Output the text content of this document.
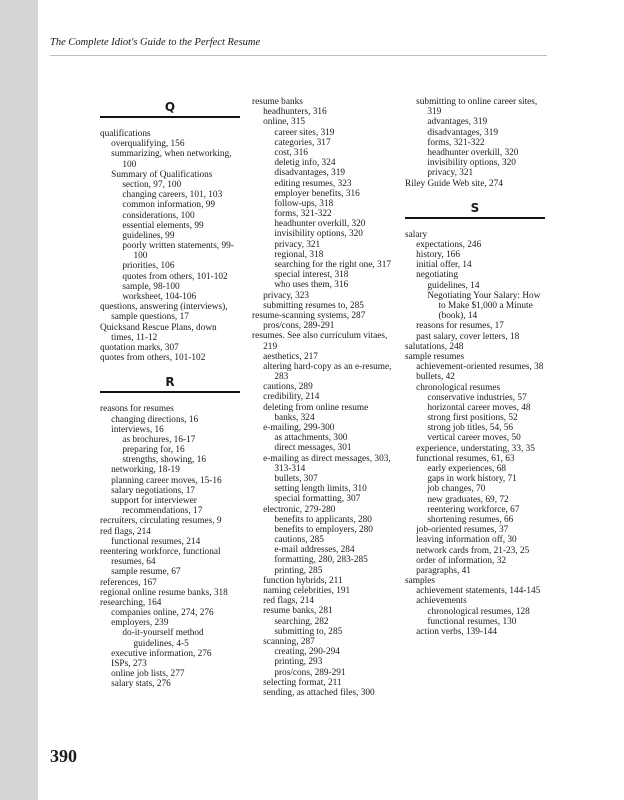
The Complete Idiot's Guide to the Perfect Resume
Q
qualifications
overqualifying, 156
summarizing, when networking, 100
Summary of Qualifications section, 97, 100
changing careers, 101, 103
common information, 99
considerations, 100
essential elements, 99
guidelines, 99
poorly written statements, 99-100
priorities, 106
quotes from others, 101-102
sample, 98-100
worksheet, 104-106
questions, answering (interviews), sample questions, 17
Quicksand Rescue Plans, down times, 11-12
quotation marks, 307
quotes from others, 101-102
R
reasons for resumes
changing directions, 16
interviews, 16
as brochures, 16-17
preparing for, 16
strengths, showing, 16
networking, 18-19
planning career moves, 15-16
salary negotiations, 17
support for interviewer recommendations, 17
recruiters, circulating resumes, 9
red flags, 214
functional resumes, 214
reentering workforce, functional resumes, 64
sample resume, 67
references, 167
regional online resume banks, 318
researching, 164
companies online, 274, 276
employers, 239
do-it-yourself method guidelines, 4-5
executive information, 276
ISPs, 273
online job lists, 277
salary stats, 276
resume banks
headhunters, 316
online, 315
career sites, 319
categories, 317
cost, 316
deletig info, 324
disadvantages, 319
editing resumes, 323
employer benefits, 316
follow-ups, 318
forms, 321-322
headhunter overkill, 320
invisibility options, 320
privacy, 321
regional, 318
searching for the right one, 317
special interest, 318
who uses them, 316
privacy, 323
submitting resumes to, 285
resume-scanning systems, 287
pros/cons, 289-291
resumes. See also curriculum vitaes, 219
aesthetics, 217
altering hard-copy as an e-resume, 283
cautions, 289
credibility, 214
deleting from online resume banks, 324
e-mailing, 299-300
as attachments, 300
direct messages, 301
e-mailing as direct messages, 303, 313-314
bullets, 307
setting length limits, 310
special formatting, 307
electronic, 279-280
benefits to applicants, 280
benefits to employers, 280
cautions, 285
e-mail addresses, 284
formatting, 280, 283-285
printing, 285
function hybrids, 211
naming celebrities, 191
red flags, 214
resume banks, 281
searching, 282
submitting to, 285
scanning, 287
creating, 290-294
printing, 293
pros/cons, 289-291
selecting format, 211
sending, as attached files, 300
submitting to online career sites, 319
advantages, 319
disadvantages, 319
forms, 321-322
headhunter overkill, 320
invisibility options, 320
privacy, 321
Riley Guide Web site, 274
S
salary
expectations, 246
history, 166
initial offer, 14
negotiating
guidelines, 14
Negotiating Your Salary: How to Make $1,000 a Minute (book), 14
reasons for resumes, 17
past salary, cover letters, 18
salutations, 248
sample resumes
achievement-oriented resumes, 38
bullets, 42
chronological resumes
conservative industries, 57
horizontal career moves, 48
strong first positions, 52
strong job titles, 54, 56
vertical career moves, 50
experience, understating, 33, 35
functional resumes, 61, 63
early experiences, 68
gaps in work history, 71
job changes, 70
new graduates, 69, 72
reentering workforce, 67
shortening resumes, 66
job-oriented resumes, 37
leaving information off, 30
network cards from, 21-23, 25
order of information, 32
paragraphs, 41
samples
achievement statements, 144-145
achievements
chronological resumes, 128
functional resumes, 130
action verbs, 139-144
390
